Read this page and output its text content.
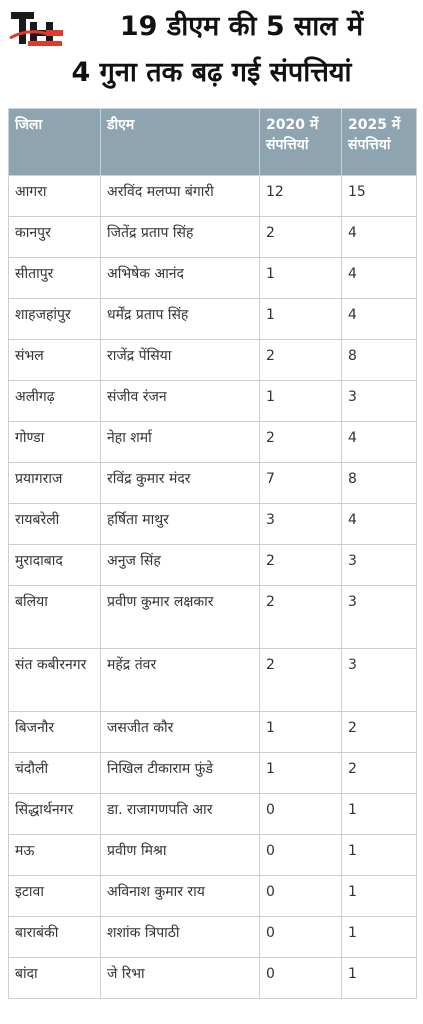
19 डीएम की 5 साल में
4 गुना तक बढ़ गई संपत्तियां
जिला	डीएम	2020 में संपत्तियां	2025 में संपत्तियां
आगरा	अरविंद मलप्पा बंगारी	12	15
कानपुर	जितेंद्र प्रताप सिंह	2	4
सीतापुर	अभिषेक आनंद	1	4
शाहजहांपुर	धर्मेंद्र प्रताप सिंह	1	4
संभल	राजेंद्र पेंसिया	2	8
अलीगढ़	संजीव रंजन	1	3
गोण्डा	नेहा शर्मा	2	4
प्रयागराज	रविंद्र कुमार मंदर	7	8
रायबरेली	हर्षिता माथुर	3	4
मुरादाबाद	अनुज सिंह	2	3
बलिया	प्रवीण कुमार लक्षकार	2	3
संत कबीरनगर	महेंद्र तंवर	2	3
बिजनौर	जसजीत कौर	1	2
चंदौली	निखिल टीकाराम फुंडे	1	2
सिद्धार्थनगर	डा. राजागणपति आर	0	1
मऊ	प्रवीण मिश्रा	0	1
इटावा	अविनाश कुमार राय	0	1
बाराबंकी	शशांक त्रिपाठी	0	1
बांदा	जे रिभा	0	1
